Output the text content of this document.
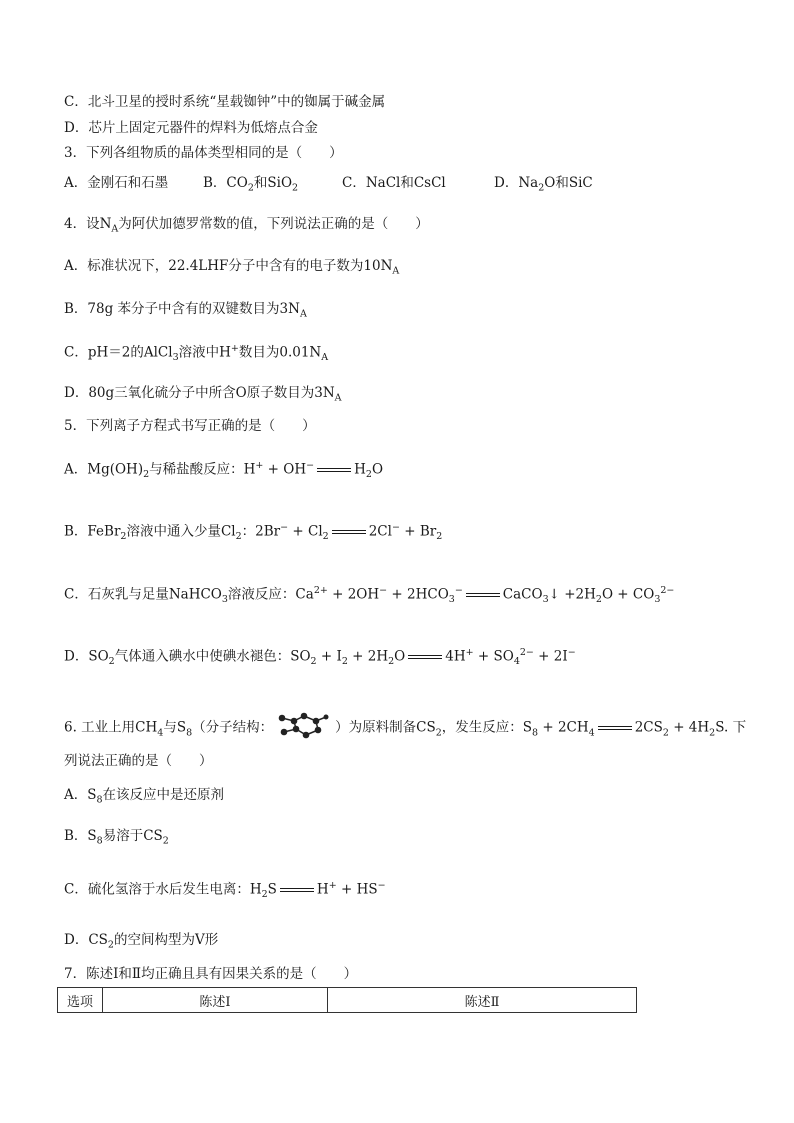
C．北斗卫星的授时系统“星载铷钟”中的铷属于碱金属
D．芯片上固定元器件的焊料为低熔点合金
3．下列各组物质的晶体类型相同的是（　　）
A．金刚石和石墨	B．$CO_2$和SiO$_2$	C．NaCl和CsCl	D．$Na_2O$和SiC
4．设$N_A$为阿伏加德罗常数的值，下列说法正确的是（　　）
A．标准状况下，22.4LHF分子中含有的电子数为$10N_A$
B．78g 苯分子中含有的双键数目为$3N_A$
C．pH＝2的AlCl$_3$溶液中H+数目为$0.01N_A$
D．80g三氧化硫分子中所含O原子数目为$3N_A$
5．下列离子方程式书写正确的是（　　）
A．$Mg(OH)_2$与稀盐酸反应：H+ + OH−	$H_2O$
B．FeBr$_2$溶液中通入少量$Cl_2$：$2Br^- + Cl_2$	$2Cl^- + Br_2$
C．石灰乳与足量NaHCO$_3$溶液反应：$Ca^{2+} + 2OH^- + 2HCO_3^-$	CaCO$_3$↓ $+2H_2O + CO_3^{2-}$
D．$SO_2$气体通入碘水中使碘水褪色：$SO_2 + I_2 + 2H_2O$	$4H^+ + SO_4^{2-} + 2I^-$
6. 工业上用$CH_4$与$S_8$（分子结构：	）为原料制备$CS_2$，发生反应：$S_8 + 2CH_4$	$2CS_2 + 4H_2S$. 下
列说法正确的是（　　）
A．$S_8$在该反应中是还原剂
B．$S_8$易溶于$CS_2$
C．硫化氢溶于水后发生电离：$H_2S$	H+ + HS−
D．$CS_2$的空间构型为V形
7．陈述Ⅰ和Ⅱ均正确且具有因果关系的是（　　）
选项	陈述Ⅰ	陈述Ⅱ
